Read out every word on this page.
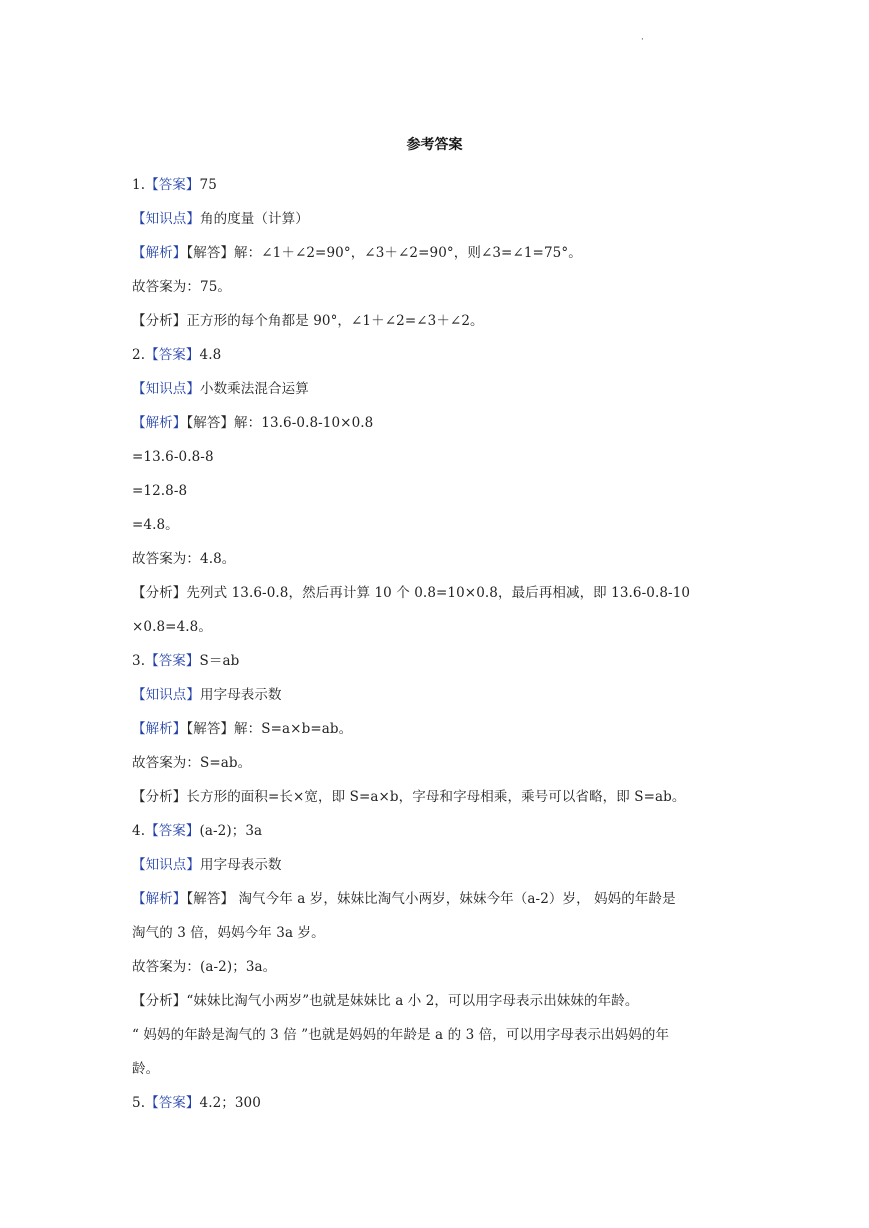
·
参考答案
1.【答案】75
【知识点】角的度量（计算）
【解析】【解答】解：∠1＋∠2=90°，∠3＋∠2=90°，则∠3=∠1=75°。
故答案为：75。
【分析】正方形的每个角都是 90°，∠1＋∠2=∠3＋∠2。
2.【答案】4.8
【知识点】小数乘法混合运算
【解析】【解答】解：13.6-0.8-10×0.8
=13.6-0.8-8
=12.8-8
=4.8。
故答案为：4.8。
【分析】先列式 13.6-0.8，然后再计算 10 个 0.8=10×0.8，最后再相减，即 13.6-0.8-10
×0.8=4.8。
3.【答案】S＝ab
【知识点】用字母表示数
【解析】【解答】解：S=a×b=ab。
故答案为：S=ab。
【分析】长方形的面积=长×宽，即 S=a×b，字母和字母相乘，乘号可以省略，即 S=ab。
4.【答案】(a-2)；3a
【知识点】用字母表示数
【解析】【解答】 淘气今年 a 岁，妹妹比淘气小两岁，妹妹今年（a-2）岁， 妈妈的年龄是
淘气的 3 倍，妈妈今年 3a 岁。
故答案为：(a-2)；3a。
【分析】“妹妹比淘气小两岁”也就是妹妹比 a 小 2，可以用字母表示出妹妹的年龄。
“ 妈妈的年龄是淘气的 3 倍 ”也就是妈妈的年龄是 a 的 3 倍，可以用字母表示出妈妈的年
龄。
5.【答案】4.2；300
